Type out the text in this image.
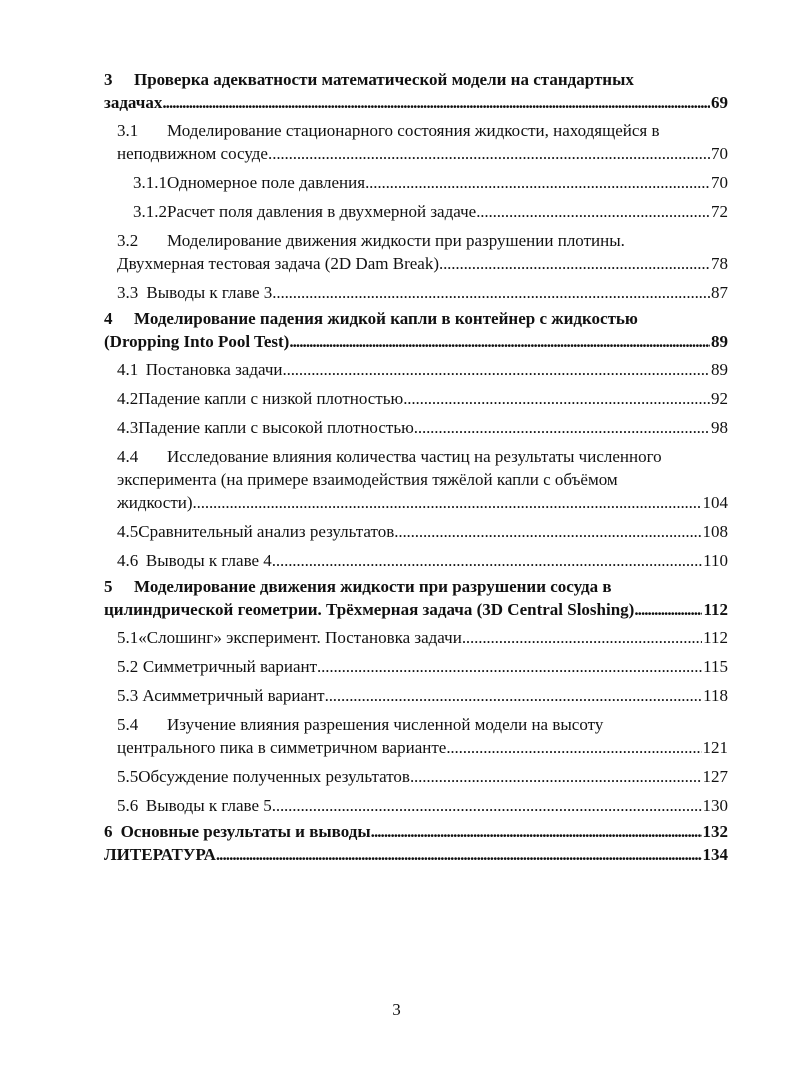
3	Проверка адекватности математической модели на стандартных
задачах . . .	69
3.1	Моделирование стационарного состояния жидкости, находящейся в
неподвижном сосуде. . . .	70
3.1.1 Одномерное поле давления . . .	70
3.1.2 Расчет поля давления в двухмерной задаче . . .	72
3.2	Моделирование движения жидкости при разрушении плотины.
Двухмерная тестовая задача (2D Dam Break) . . .	78
3.3 Выводы к главе 3 . . .	87
4	Моделирование падения жидкой капли в контейнер с жидкостью
(Dropping Into Pool Test) . . .	89
4.1 Постановка задачи . . .	89
4.2 Падение капли с низкой плотностью . . .	92
4.3 Падение капли с высокой плотностью . . .	98
4.4	Исследование влияния количества частиц на результаты численного
эксперимента (на примере взаимодействия тяжёлой капли с объёмом
жидкости) . . .	104
4.5 Сравнительный анализ результатов . . .	108
4.6 Выводы к главе 4 . . .	110
5	Моделирование движения жидкости при разрушении сосуда в
цилиндрической геометрии. Трёхмерная задача (3D Central Sloshing) . . .	112
5.1 «Слошинг» эксперимент. Постановка задачи . . .	112
5.2 Симметричный вариант . . .	115
5.3 Асимметричный вариант . . .	118
5.4	Изучение влияния разрешения численной модели на высоту
центрального пика в симметричном варианте . . .	121
5.5 Обсуждение полученных результатов . . .	127
5.6 Выводы к главе 5 . . .	130
6 Основные результаты и выводы . . .	132
ЛИТЕРАТУРА . . .	134
3
